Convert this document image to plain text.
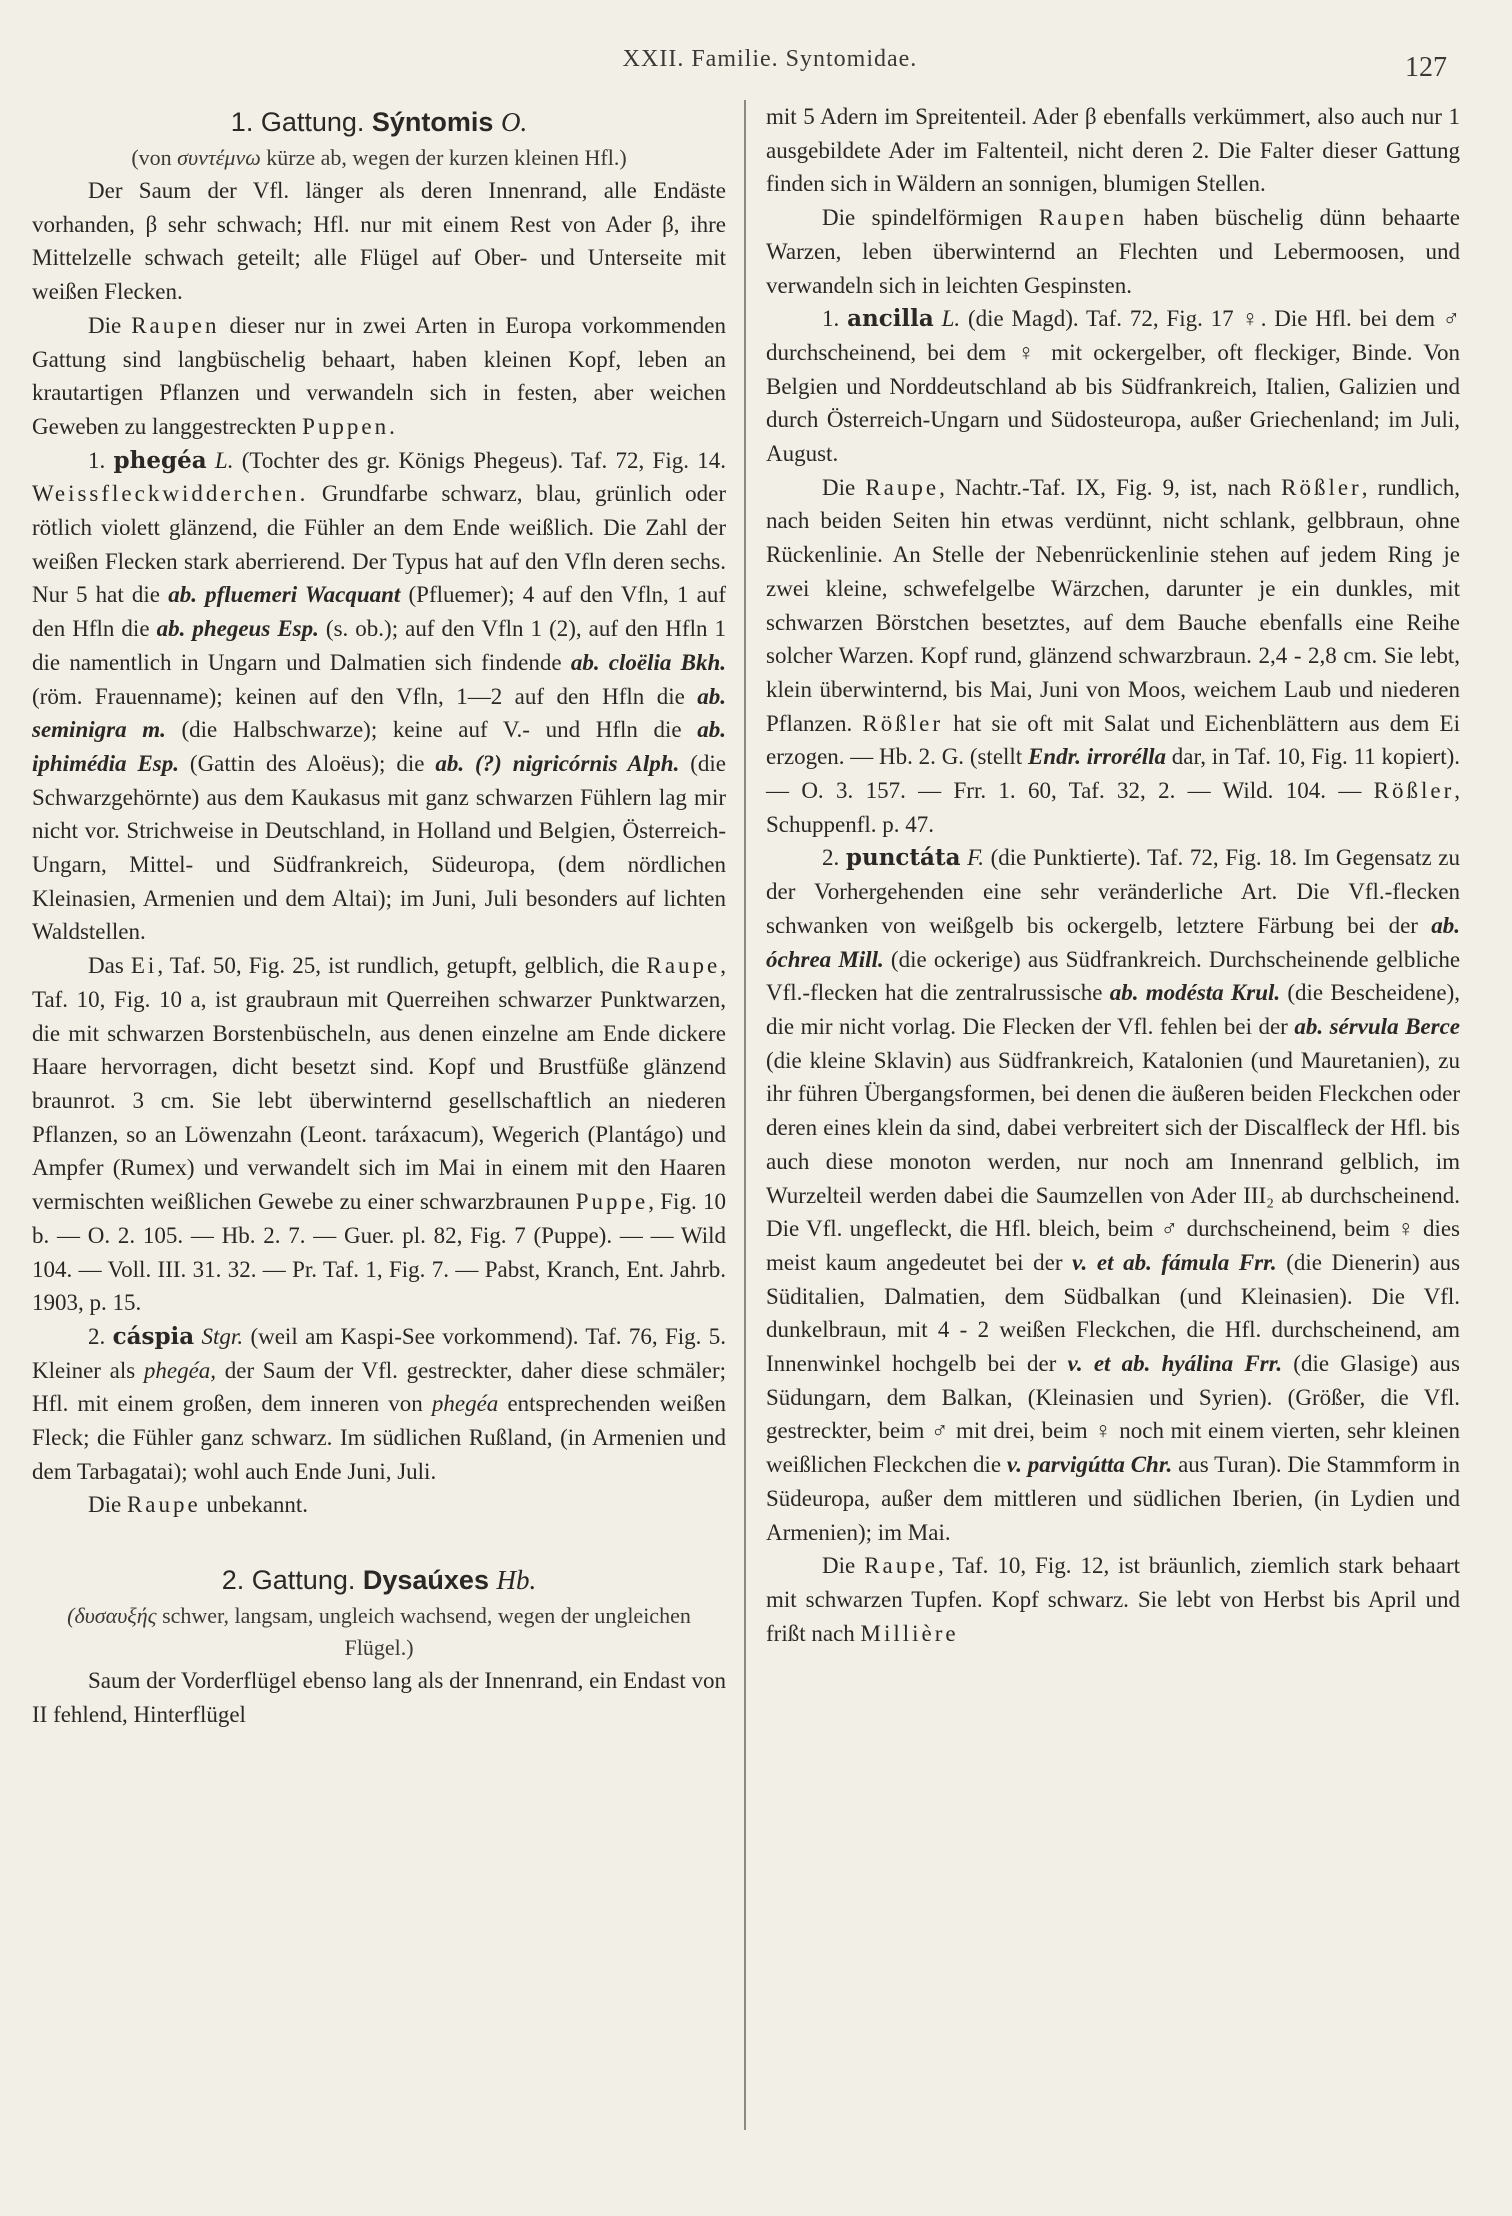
XXII. Familie. Syntomidae.	127
1. Gattung. Sýntomis O.
(von συντέμνω kürze ab, wegen der kurzen kleinen Hfl.)

Der Saum der Vfl. länger als deren Innenrand, alle Endäste vorhanden, β sehr schwach; Hfl. nur mit einem Rest von Ader β, ihre Mittelzelle schwach geteilt; alle Flügel auf Ober- und Unterseite mit weißen Flecken.

Die Raupen dieser nur in zwei Arten in Europa vorkommenden Gattung sind langbüschelig behaart, haben kleinen Kopf, leben an krautartigen Pflanzen und verwandeln sich in festen, aber weichen Geweben zu langgestreckten Puppen.

1. phegéa L. (Tochter des gr. Königs Phegeus). Taf. 72, Fig. 14. Weissfleckwidderchen. Grundfarbe schwarz, blau, grünlich oder rötlich violett glänzend, die Fühler an dem Ende weißlich. Die Zahl der weißen Flecken stark aberrierend. Der Typus hat auf den Vfln deren sechs. Nur 5 hat die ab. pfluemeri Wacquant (Pfluemer); 4 auf den Vfln, 1 auf den Hfln die ab. phegeus Esp. (s. ob.); auf den Vfln 1 (2), auf den Hfln 1 die namentlich in Ungarn und Dalmatien sich findende ab. cloëlia Bkh. (röm. Frauenname); keinen auf den Vfln, 1—2 auf den Hfln die ab. seminigra m. (die Halbschwarze); keine auf V.- und Hfln die ab. iphimédia Esp. (Gattin des Aloëus); die ab. (?) nigricórnis Alph. (die Schwarzgehörnte) aus dem Kaukasus mit ganz schwarzen Fühlern lag mir nicht vor. Strichweise in Deutschland, in Holland und Belgien, Österreich-Ungarn, Mittel- und Südfrankreich, Südeuropa, (dem nördlichen Kleinasien, Armenien und dem Altai); im Juni, Juli besonders auf lichten Waldstellen.

Das Ei, Taf. 50, Fig. 25, ist rundlich, getupft, gelblich, die Raupe, Taf. 10, Fig. 10 a, ist graubraun mit Querreihen schwarzer Punktwarzen, die mit schwarzen Borstenbüscheln, aus denen einzelne am Ende dickere Haare hervorragen, dicht besetzt sind. Kopf und Brustfüße glänzend braunrot. 3 cm. Sie lebt überwinternd gesellschaftlich an niederen Pflanzen, so an Löwenzahn (Leont. taráxacum), Wegerich (Plantágo) und Ampfer (Rumex) und verwandelt sich im Mai in einem mit den Haaren vermischten weißlichen Gewebe zu einer schwarzbraunen Puppe, Fig. 10 b. — O. 2. 105. — Hb. 2. 7. — Guer. pl. 82, Fig. 7 (Puppe). — — Wild 104. — Voll. III. 31. 32. — Pr. Taf. 1, Fig. 7. — Pabst, Kranch, Ent. Jahrb. 1903, p. 15.

2. cáspia Stgr. (weil am Kaspi-See vorkommend). Taf. 76, Fig. 5. Kleiner als phegéa, der Saum der Vfl. gestreckter, daher diese schmäler; Hfl. mit einem großen, dem inneren von phegéa entsprechenden weißen Fleck; die Fühler ganz schwarz. Im südlichen Rußland, (in Armenien und dem Tarbagatai); wohl auch Ende Juni, Juli.

Die Raupe unbekannt.

2. Gattung. Dysaúxes Hb.
(δυσαυξής schwer, langsam, ungleich wachsend, wegen der ungleichen Flügel.)

Saum der Vorderflügel ebenso lang als der Innenrand, ein Endast von II fehlend, Hinterflügel

mit 5 Adern im Spreitenteil. Ader β ebenfalls verkümmert, also auch nur 1 ausgebildete Ader im Faltenteil, nicht deren 2. Die Falter dieser Gattung finden sich in Wäldern an sonnigen, blumigen Stellen.

Die spindelförmigen Raupen haben büschelig dünn behaarte Warzen, leben überwinternd an Flechten und Lebermoosen, und verwandeln sich in leichten Gespinsten.

1. ancilla L. (die Magd). Taf. 72, Fig. 17 ♀. Die Hfl. bei dem ♂ durchscheinend, bei dem ♀ mit ockergelber, oft fleckiger, Binde. Von Belgien und Norddeutschland ab bis Südfrankreich, Italien, Galizien und durch Österreich-Ungarn und Südosteuropa, außer Griechenland; im Juli, August.

Die Raupe, Nachtr.-Taf. IX, Fig. 9, ist, nach Rößler, rundlich, nach beiden Seiten hin etwas verdünnt, nicht schlank, gelbbraun, ohne Rückenlinie. An Stelle der Nebenrückenlinie stehen auf jedem Ring je zwei kleine, schwefelgelbe Wärzchen, darunter je ein dunkles, mit schwarzen Börstchen besetztes, auf dem Bauche ebenfalls eine Reihe solcher Warzen. Kopf rund, glänzend schwarzbraun. 2,4 - 2,8 cm. Sie lebt, klein überwinternd, bis Mai, Juni von Moos, weichem Laub und niederen Pflanzen. Rößler hat sie oft mit Salat und Eichenblättern aus dem Ei erzogen. — Hb. 2. G. (stellt Endr. irrorélla dar, in Taf. 10, Fig. 11 kopiert). — O. 3. 157. — Frr. 1. 60, Taf. 32, 2. — Wild. 104. — Rößler, Schuppenfl. p. 47.

2. punctáta F. (die Punktierte). Taf. 72, Fig. 18. Im Gegensatz zu der Vorhergehenden eine sehr veränderliche Art. Die Vfl.-flecken schwanken von weißgelb bis ockergelb, letztere Färbung bei der ab. óchrea Mill. (die ockerige) aus Südfrankreich. Durchscheinende gelbliche Vfl.-flecken hat die zentralrussische ab. modésta Krul. (die Bescheidene), die mir nicht vorlag. Die Flecken der Vfl. fehlen bei der ab. sérvula Berce (die kleine Sklavin) aus Südfrankreich, Katalonien (und Mauretanien), zu ihr führen Übergangsformen, bei denen die äußeren beiden Fleckchen oder deren eines klein da sind, dabei verbreitert sich der Discalfleck der Hfl. bis auch diese monoton werden, nur noch am Innenrand gelblich, im Wurzelteil werden dabei die Saumzellen von Ader III₂ ab durchscheinend. Die Vfl. ungefleckt, die Hfl. bleich, beim ♂ durchscheinend, beim ♀ dies meist kaum angedeutet bei der v. et ab. fámula Frr. (die Dienerin) aus Süditalien, Dalmatien, dem Südbalkan (und Kleinasien). Die Vfl. dunkelbraun, mit 4 - 2 weißen Fleckchen, die Hfl. durchscheinend, am Innenwinkel hochgelb bei der v. et ab. hyálina Frr. (die Glasige) aus Südungarn, dem Balkan, (Kleinasien und Syrien). (Größer, die Vfl. gestreckter, beim ♂ mit drei, beim ♀ noch mit einem vierten, sehr kleinen weißlichen Fleckchen die v. parvigútta Chr. aus Turan). Die Stammform in Südeuropa, außer dem mittleren und südlichen Iberien, (in Lydien und Armenien); im Mai.

Die Raupe, Taf. 10, Fig. 12, ist bräunlich, ziemlich stark behaart mit schwarzen Tupfen. Kopf schwarz. Sie lebt von Herbst bis April und frißt nach Millière
